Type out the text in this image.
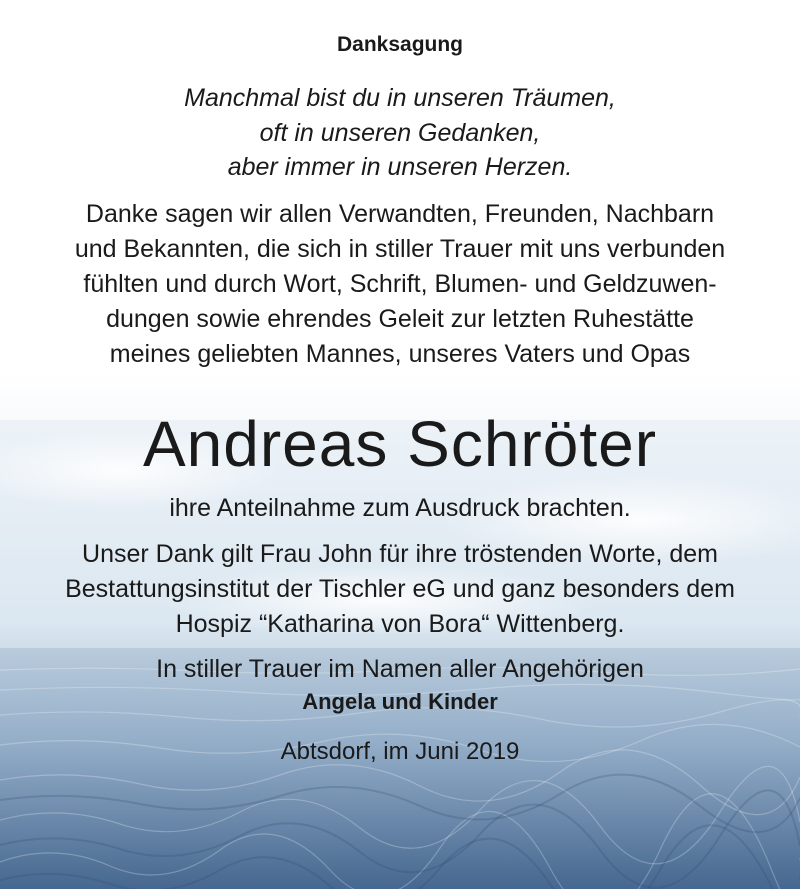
Danksagung
Manchmal bist du in unseren Träumen,
oft in unseren Gedanken,
aber immer in unseren Herzen.
Danke sagen wir allen Verwandten, Freunden, Nachbarn
und Bekannten, die sich in stiller Trauer mit uns verbunden
fühlten und durch Wort, Schrift, Blumen- und Geldzuwen-
dungen sowie ehrendes Geleit zur letzten Ruhestätte
meines geliebten Mannes, unseres Vaters und Opas
Andreas Schröter
ihre Anteilnahme zum Ausdruck brachten.
Unser Dank gilt Frau John für ihre tröstenden Worte, dem
Bestattungsinstitut der Tischler eG und ganz besonders dem
Hospiz “Katharina von Bora“ Wittenberg.
In stiller Trauer im Namen aller Angehörigen
Angela und Kinder
Abtsdorf, im Juni 2019
